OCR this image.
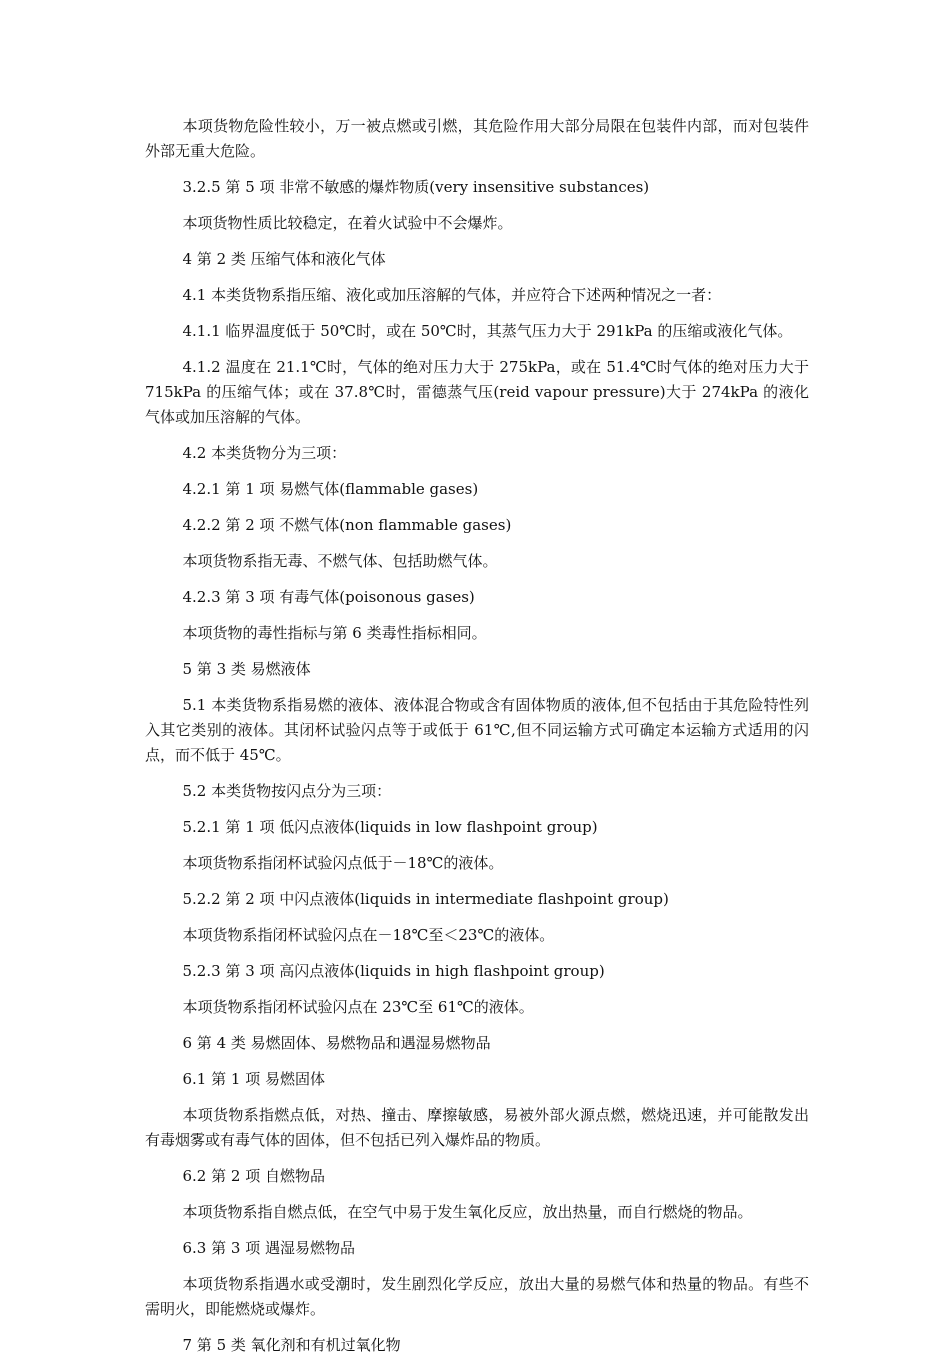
本项货物危险性较小，万一被点燃或引燃，其危险作用大部分局限在包装件内部，而对包装件外部无重大危险。

3.2.5 第 5 项 非常不敏感的爆炸物质(very insensitive substances)

本项货物性质比较稳定，在着火试验中不会爆炸。

4 第 2 类 压缩气体和液化气体

4.1 本类货物系指压缩、液化或加压溶解的气体，并应符合下述两种情况之一者：

4.1.1 临界温度低于 50℃时，或在 50℃时，其蒸气压力大于 291kPa 的压缩或液化气体。

4.1.2 温度在 21.1℃时，气体的绝对压力大于 275kPa，或在 51.4℃时气体的绝对压力大于 715kPa 的压缩气体；或在 37.8℃时，雷德蒸气压(reid vapour pressure)大于 274kPa 的液化气体或加压溶解的气体。

4.2 本类货物分为三项：

4.2.1 第 1 项 易燃气体(flammable gases)

4.2.2 第 2 项 不燃气体(non flammable gases)

本项货物系指无毒、不燃气体、包括助燃气体。

4.2.3 第 3 项 有毒气体(poisonous gases)

本项货物的毒性指标与第 6 类毒性指标相同。

5 第 3 类 易燃液体

5.1 本类货物系指易燃的液体、液体混合物或含有固体物质的液体,但不包括由于其危险特性列入其它类别的液体。其闭杯试验闪点等于或低于 61℃,但不同运输方式可确定本运输方式适用的闪点，而不低于 45℃。

5.2 本类货物按闪点分为三项：

5.2.1 第 1 项 低闪点液体(liquids in low flashpoint group)

本项货物系指闭杯试验闪点低于－18℃的液体。

5.2.2 第 2 项 中闪点液体(liquids in intermediate flashpoint group)

本项货物系指闭杯试验闪点在－18℃至＜23℃的液体。

5.2.3 第 3 项 高闪点液体(liquids in high flashpoint group)

本项货物系指闭杯试验闪点在 23℃至 61℃的液体。

6 第 4 类 易燃固体、易燃物品和遇湿易燃物品

6.1 第 1 项 易燃固体

本项货物系指燃点低，对热、撞击、摩擦敏感，易被外部火源点燃，燃烧迅速，并可能散发出有毒烟雾或有毒气体的固体，但不包括已列入爆炸品的物质。

6.2 第 2 项 自燃物品

本项货物系指自燃点低，在空气中易于发生氧化反应，放出热量，而自行燃烧的物品。

6.3 第 3 项 遇湿易燃物品

本项货物系指遇水或受潮时，发生剧烈化学反应，放出大量的易燃气体和热量的物品。有些不需明火，即能燃烧或爆炸。

7 第 5 类 氧化剂和有机过氧化物
